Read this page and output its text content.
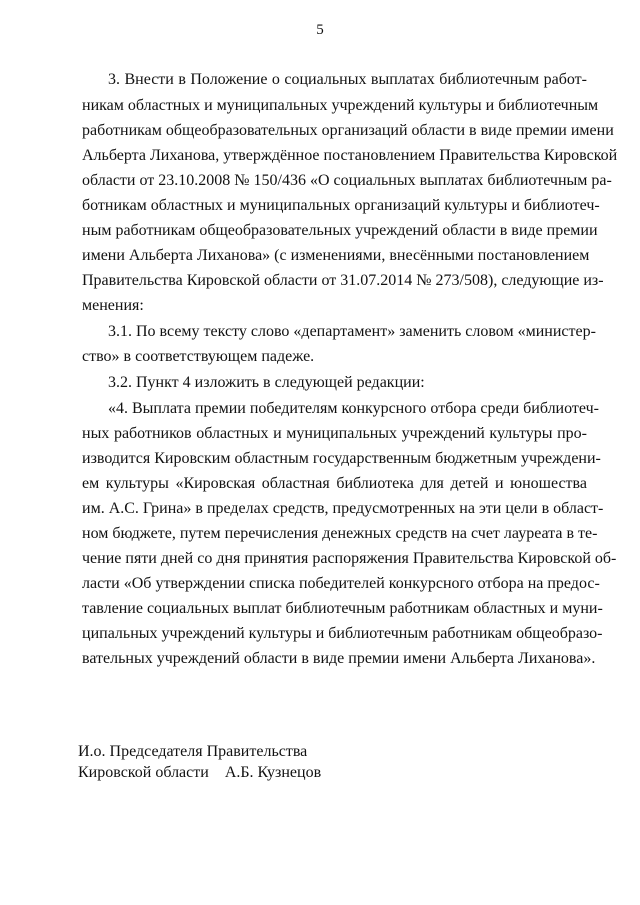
5
3. Внести в Положение о социальных выплатах библиотечным работ-
никам областных и муниципальных учреждений культуры и библиотечным
работникам общеобразовательных организаций области в виде премии имени
Альберта Лиханова, утверждённое постановлением Правительства Кировской
области от 23.10.2008 № 150/436 «О социальных выплатах библиотечным ра-
ботникам областных и муниципальных организаций культуры и библиотеч-
ным работникам общеобразовательных учреждений области в виде премии
имени Альберта Лиханова» (с изменениями, внесёнными постановлением
Правительства Кировской области от 31.07.2014 № 273/508), следующие из-
менения:
3.1. По всему тексту слово «департамент» заменить словом «министер-
ство» в соответствующем падеже.
3.2. Пункт 4 изложить в следующей редакции:
«4. Выплата премии победителям конкурсного отбора среди библиотеч-
ных работников областных и муниципальных учреждений культуры про-
изводится Кировским областным государственным бюджетным учреждени-
ем культуры «Кировская областная библиотека для детей и юношества
им. А.С. Грина» в пределах средств, предусмотренных на эти цели в област-
ном бюджете, путем перечисления денежных средств на счет лауреата в те-
чение пяти дней со дня принятия распоряжения Правительства Кировской об-
ласти «Об утверждении списка победителей конкурсного отбора на предос-
тавление социальных выплат библиотечным работникам областных и муни-
ципальных учреждений культуры и библиотечным работникам общеобразо-
вательных учреждений области в виде премии имени Альберта Лиханова».
И.о. Председателя Правительства
Кировской области А.Б. Кузнецов
